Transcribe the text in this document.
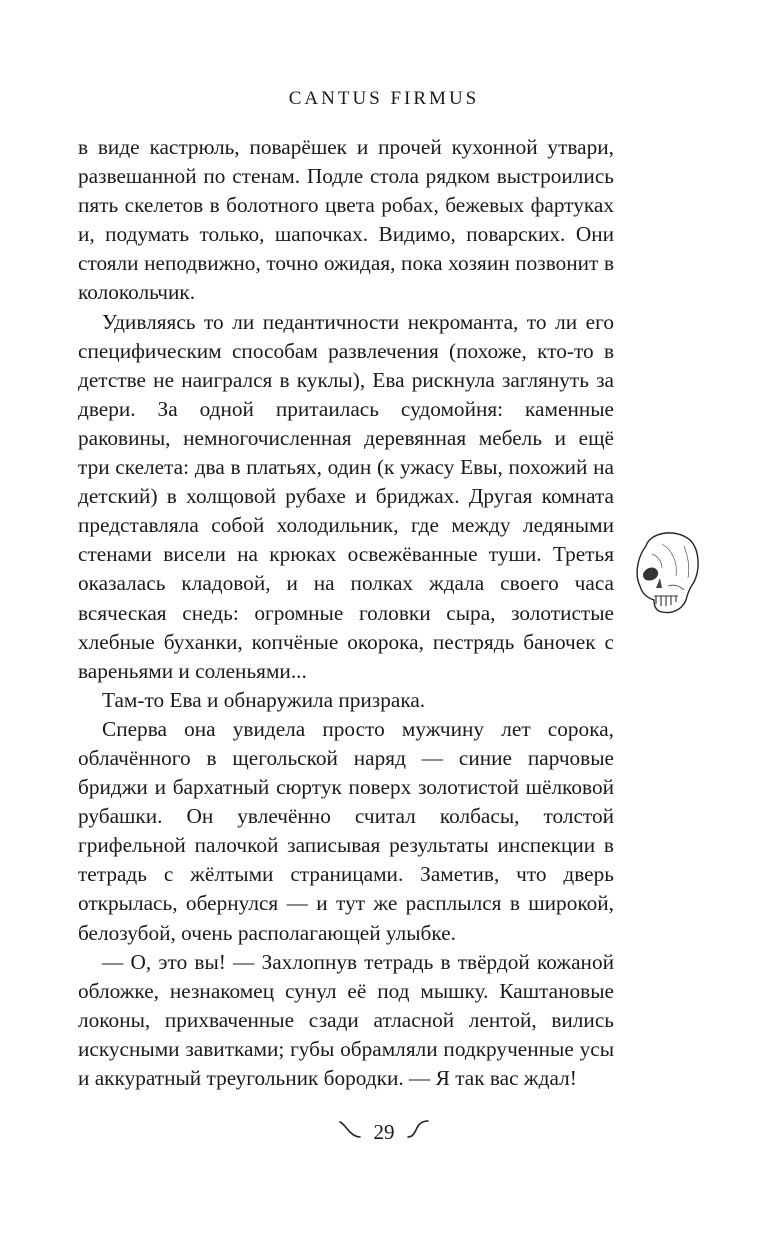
CANTUS FIRMUS

в виде кастрюль, поварёшек и прочей кухонной утвари, развешанной по стенам. Подле стола рядком выстроились пять скелетов в болотного цвета робах, бежевых фартуках и, подумать только, шапочках. Видимо, поварских. Они стояли неподвижно, точно ожидая, пока хозяин позвонит в колокольчик.

Удивляясь то ли педантичности некроманта, то ли его специфическим способам развлечения (похоже, кто-то в детстве не наигрался в куклы), Ева рискнула заглянуть за двери. За одной притаилась судомойня: каменные раковины, немногочисленная деревянная мебель и ещё три скелета: два в платьях, один (к ужасу Евы, похожий на детский) в холщовой рубахе и бриджах. Другая комната представляла собой холодильник, где между ледяными стенами висели на крюках освежёванные туши. Третья оказалась кладовой, и на полках ждала своего часа всяческая снедь: огромные головки сыра, золотистые хлебные буханки, копчёные окорока, пестрядь баночек с вареньями и соленьями...

Там-то Ева и обнаружила призрака.

Сперва она увидела просто мужчину лет сорока, облачённого в щегольской наряд — синие парчовые бриджи и бархатный сюртук поверх золотистой шёлковой рубашки. Он увлечённо считал колбасы, толстой грифельной палочкой записывая результаты инспекции в тетрадь с жёлтыми страницами. Заметив, что дверь открылась, обернулся — и тут же расплылся в широкой, белозубой, очень располагающей улыбке.

— О, это вы! — Захлопнув тетрадь в твёрдой кожаной обложке, незнакомец сунул её под мышку. Каштановые локоны, прихваченные сзади атласной лентой, вились искусными завитками; губы обрамляли подкрученные усы и аккуратный треугольник бородки. — Я так вас ждал!

29
